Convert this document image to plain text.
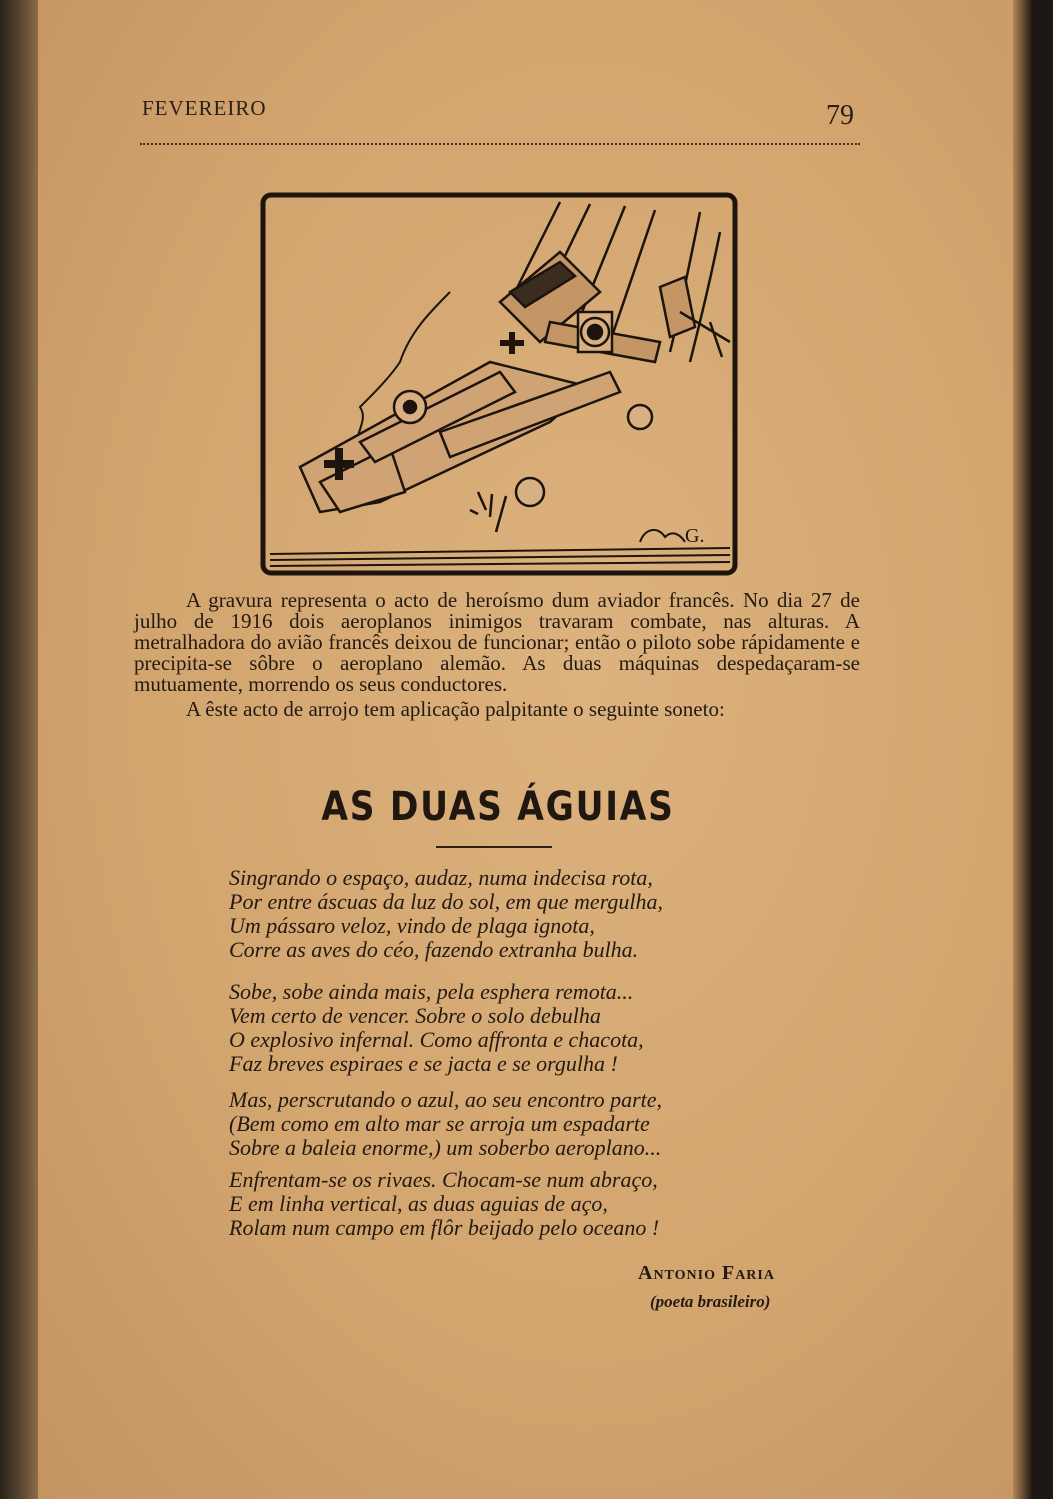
FEVEREIRO	79
G.

A gravura representa o acto de heroísmo dum aviador francês. No dia 27 de julho de 1916 dois aeroplanos inimigos travaram combate, nas alturas. A metralhadora do avião francês deixou de funcionar; então o piloto sobe rápidamente e precipita-se sôbre o aeroplano alemão. As duas máquinas despedaçaram-se mutuamente, morrendo os seus conductores.

A êste acto de arrojo tem aplicação palpitante o seguinte soneto:

AS DUAS ÁGUIAS
Singrando o espaço, audaz, numa indecisa rota,
Por entre áscuas da luz do sol, em que mergulha,
Um pássaro veloz, vindo de plaga ignota,
Corre as aves do céo, fazendo extranha bulha.
Sobe, sobe ainda mais, pela esphera remota...
Vem certo de vencer. Sobre o solo debulha
O explosivo infernal. Como affronta e chacota,
Faz breves espiraes e se jacta e se orgulha !
Mas, perscrutando o azul, ao seu encontro parte,
(Bem como em alto mar se arroja um espadarte
Sobre a baleia enorme,) um soberbo aeroplano...
Enfrentam-se os rivaes. Chocam-se num abraço,
E em linha vertical, as duas aguias de aço,
Rolam num campo em flôr beijado pelo oceano !
Antonio Faria
(poeta brasileiro)
